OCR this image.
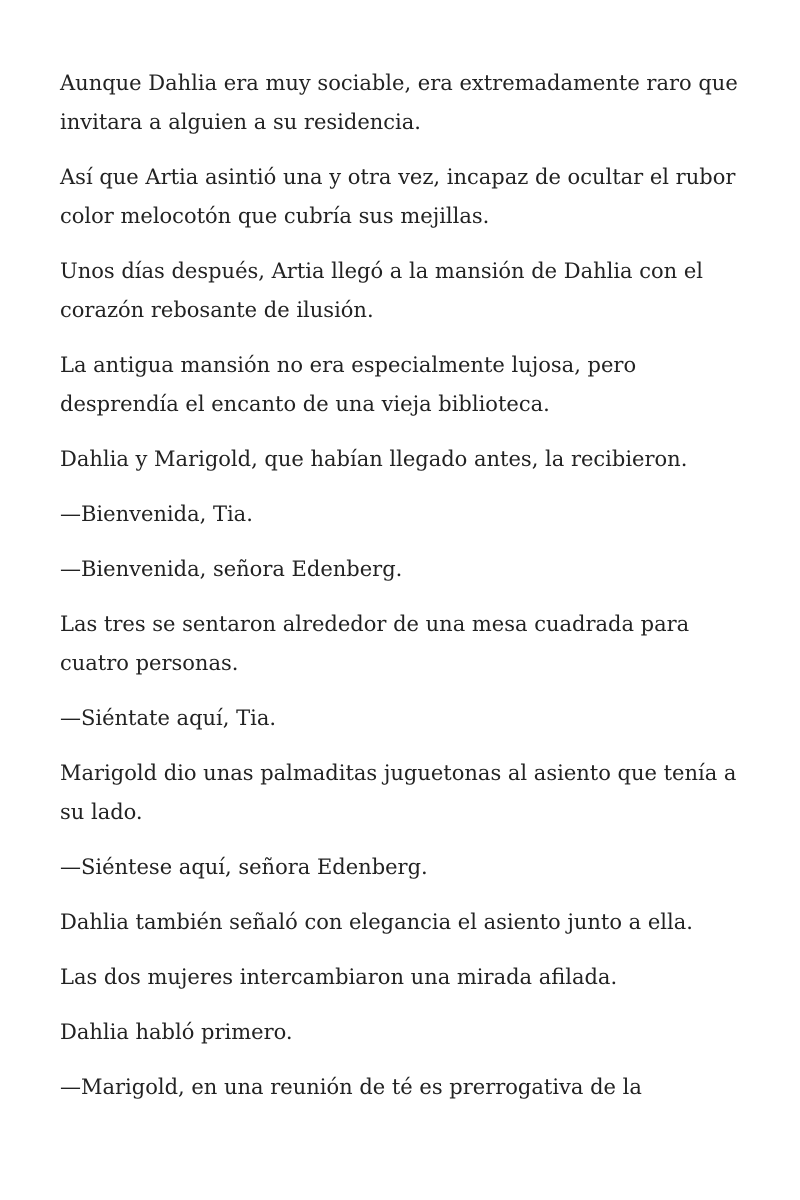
Aunque Dahlia era muy sociable, era extremadamente raro que invitara a alguien a su residencia.

Así que Artia asintió una y otra vez, incapaz de ocultar el rubor color melocotón que cubría sus mejillas.

Unos días después, Artia llegó a la mansión de Dahlia con el corazón rebosante de ilusión.

La antigua mansión no era especialmente lujosa, pero desprendía el encanto de una vieja biblioteca.

Dahlia y Marigold, que habían llegado antes, la recibieron.

—Bienvenida, Tia.

—Bienvenida, señora Edenberg.

Las tres se sentaron alrededor de una mesa cuadrada para cuatro personas.

—Siéntate aquí, Tia.

Marigold dio unas palmaditas juguetonas al asiento que tenía a su lado.

—Siéntese aquí, señora Edenberg.

Dahlia también señaló con elegancia el asiento junto a ella.

Las dos mujeres intercambiaron una mirada afilada.

Dahlia habló primero.

—Marigold, en una reunión de té es prerrogativa de la
